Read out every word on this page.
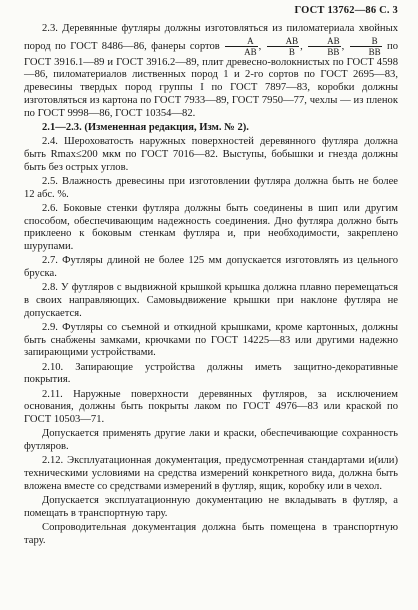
ГОСТ 13762—86 С. 3

2.3. Деревянные футляры должны изготовляться из пиломатериала хвойных пород по ГОСТ 8486—86, фанеры сортов $\frac{A}{AB}$ , $\frac{AB}{B}$ , $\frac{AB}{BB}$ , $\frac{B}{BB}$ по ГОСТ 3916.1—89 и ГОСТ 3916.2—89, плит древесно-волокнистых по ГОСТ 4598—86, пиломатериалов лиственных пород 1 и 2-го сортов по ГОСТ 2695—83, древесины твердых пород группы I по ГОСТ 7897—83, коробки должны изготовляться из картона по ГОСТ 7933—89, ГОСТ 7950—77, чехлы — из пленок по ГОСТ 9998—86, ГОСТ 10354—82.

2.1—2.3. (Измененная редакция, Изм. № 2).

2.4. Шероховатость наружных поверхностей деревянного футляра должна быть Rmax≤200 мкм по ГОСТ 7016—82. Выступы, бобышки и гнезда должны быть без острых углов.

2.5. Влажность древесины при изготовлении футляра должна быть не более 12 абс. %.

2.6. Боковые стенки футляра должны быть соединены в шип или другим способом, обеспечивающим надежность соединения. Дно футляра должно быть приклеено к боковым стенкам футляра и, при необходимости, закреплено шурупами.

2.7. Футляры длиной не более 125 мм допускается изготовлять из цельного бруска.

2.8. У футляров с выдвижной крышкой крышка должна плавно перемещаться в своих направляющих. Самовыдвижение крышки при наклоне футляра не допускается.

2.9. Футляры со съемной и откидной крышками, кроме картонных, должны быть снабжены замками, крючками по ГОСТ 14225—83 или другими надежно запирающими устройствами.

2.10. Запирающие устройства должны иметь защитно-декоративные покрытия.

2.11. Наружные поверхности деревянных футляров, за исключением основания, должны быть покрыты лаком по ГОСТ 4976—83 или краской по ГОСТ 10503—71.

Допускается применять другие лаки и краски, обеспечивающие сохранность футляров.

2.12. Эксплуатационная документация, предусмотренная стандартами и(или) техническими условиями на средства измерений конкретного вида, должна быть вложена вместе со средствами измерений в футляр, ящик, коробку или в чехол.

Допускается эксплуатационную документацию не вкладывать в футляр, а помещать в транспортную тару.

Сопроводительная документация должна быть помещена в транспортную тару.
